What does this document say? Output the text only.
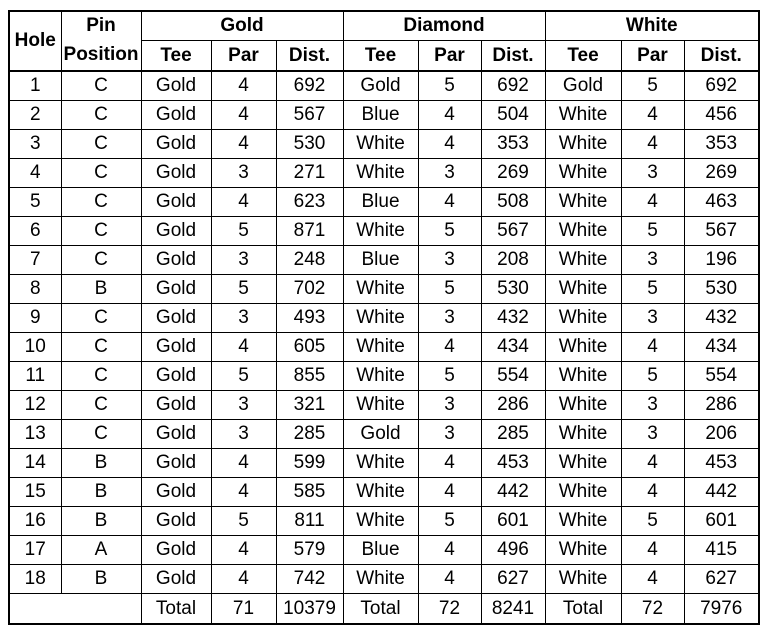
Hole	Pin	Gold			Diamond			White		
	Position	Tee	Par	Dist.	Tee	Par	Dist.	Tee	Par	Dist.
1	C	Gold	4	692	Gold	5	692	Gold	5	692
2	C	Gold	4	567	Blue	4	504	White	4	456
3	C	Gold	4	530	White	4	353	White	4	353
4	C	Gold	3	271	White	3	269	White	3	269
5	C	Gold	4	623	Blue	4	508	White	4	463
6	C	Gold	5	871	White	5	567	White	5	567
7	C	Gold	3	248	Blue	3	208	White	3	196
8	B	Gold	5	702	White	5	530	White	5	530
9	C	Gold	3	493	White	3	432	White	3	432
10	C	Gold	4	605	White	4	434	White	4	434
11	C	Gold	5	855	White	5	554	White	5	554
12	C	Gold	3	321	White	3	286	White	3	286
13	C	Gold	3	285	Gold	3	285	White	3	206
14	B	Gold	4	599	White	4	453	White	4	453
15	B	Gold	4	585	White	4	442	White	4	442
16	B	Gold	5	811	White	5	601	White	5	601
17	A	Gold	4	579	Blue	4	496	White	4	415
18	B	Gold	4	742	White	4	627	White	4	627
		Total	71	10379	Total	72	8241	Total	72	7976
